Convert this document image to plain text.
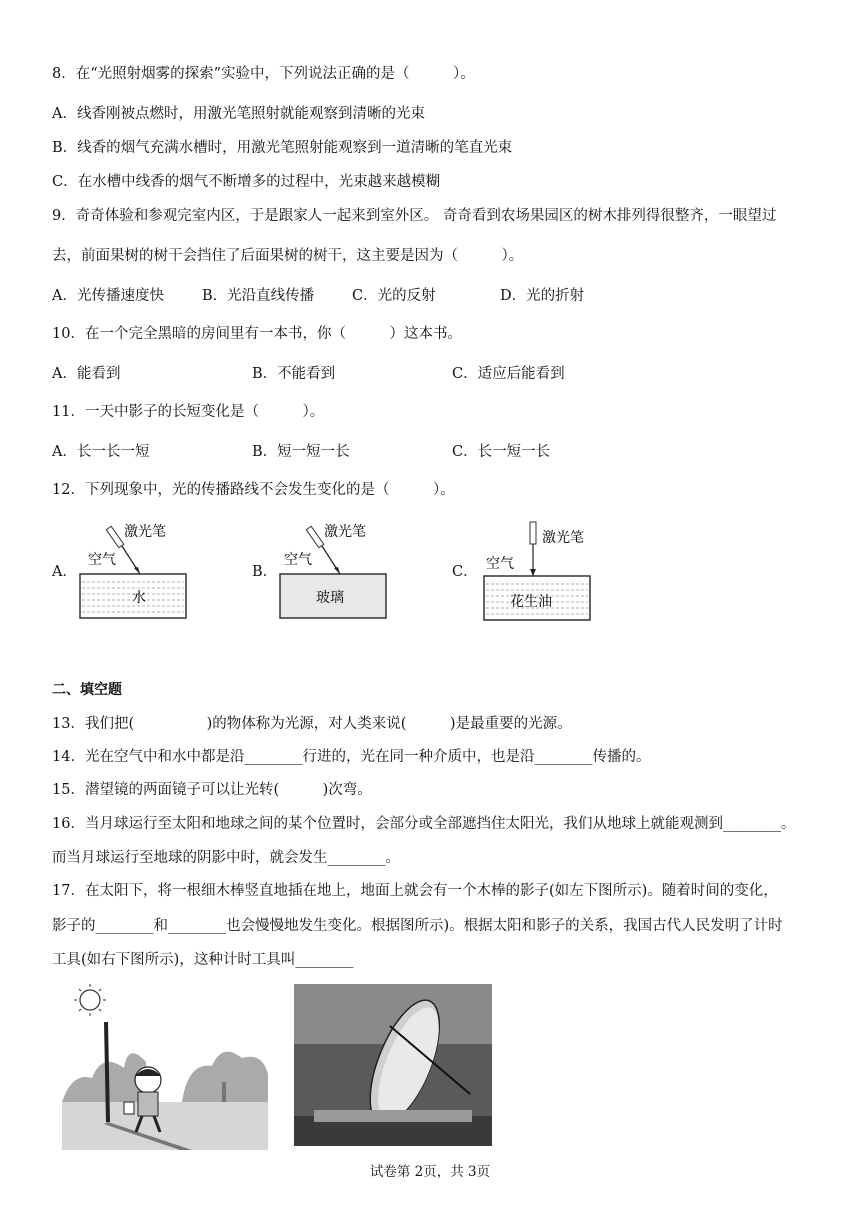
8．在“光照射烟雾的探索”实验中，下列说法正确的是（　　　）。
A．线香刚被点燃时，用激光笔照射就能观察到清晰的光束
B．线香的烟气充满水槽时，用激光笔照射能观察到一道清晰的笔直光束
C．在水槽中线香的烟气不断增多的过程中，光束越来越模糊
9．奇奇体验和参观完室内区，于是跟家人一起来到室外区。 奇奇看到农场果园区的树木排列得很整齐，一眼望过
去，前面果树的树干会挡住了后面果树的树干，这主要是因为（　　　）。
A．光传播速度快	B．光沿直线传播	C．光的反射	D．光的折射
10．在一个完全黑暗的房间里有一本书，你（　　　）这本书。
A．能看到	B．不能看到	C．适应后能看到
11．一天中影子的长短变化是（　　　）。
A．长一长一短	B．短一短一长	C．长一短一长
12．下列现象中，光的传播路线不会发生变化的是（　　　）。
A．	B．	C．
激光笔
空气
水
激光笔
空气
玻璃
激光笔
空气
花生油
二、填空题
13．我们把(　　　　　)的物体称为光源，对人类来说(　　　)是最重要的光源。
14．光在空气中和水中都是沿________行进的，光在同一种介质中，也是沿________传播的。
15．潜望镜的两面镜子可以让光转(　　　)次弯。
16．当月球运行至太阳和地球之间的某个位置时，会部分或全部遮挡住太阳光，我们从地球上就能观测到________。
而当月球运行至地球的阴影中时，就会发生________。
17．在太阳下，将一根细木棒竖直地插在地上，地面上就会有一个木棒的影子(如左下图所示)。随着时间的变化，
影子的________和________也会慢慢地发生变化。根据图所示)。根据太阳和影子的关系，我国古代人民发明了计时
工具(如右下图所示)，这种计时工具叫________
试卷第 2页，共 3页
